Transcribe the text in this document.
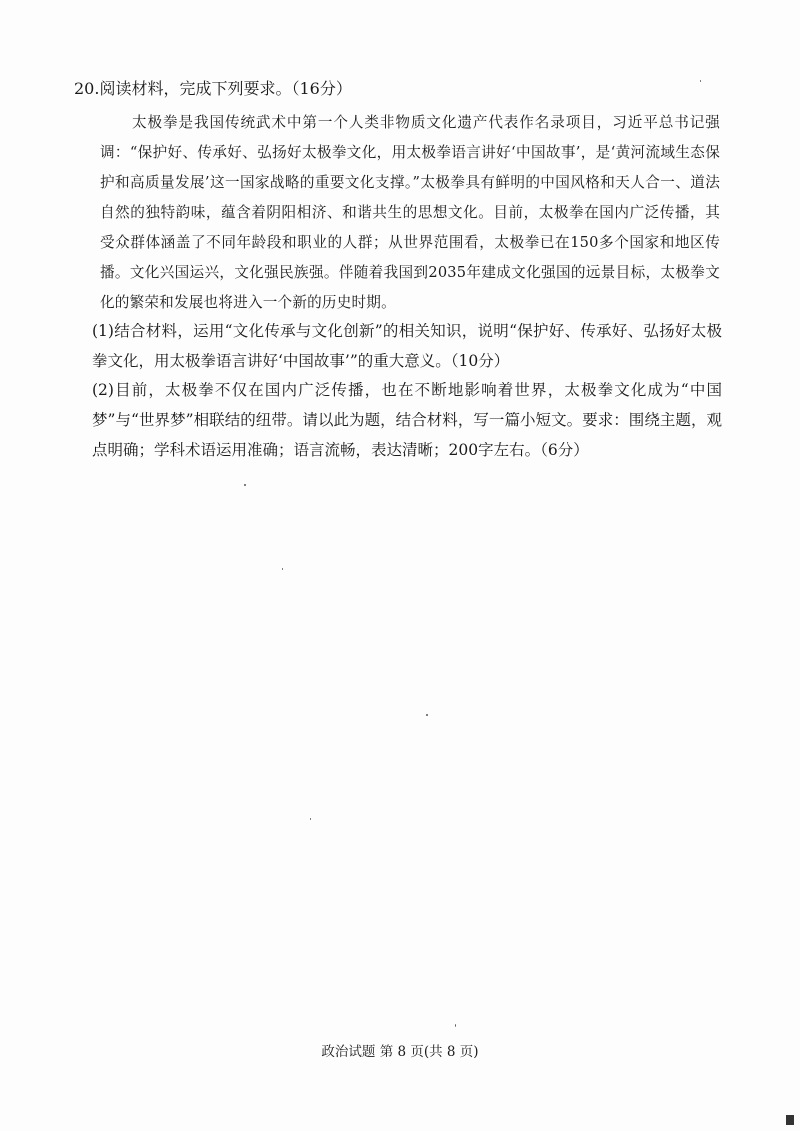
20.阅读材料，完成下列要求。（16分）
太极拳是我国传统武术中第一个人类非物质文化遗产代表作名录项目，习近平总书记强调：“保护好、传承好、弘扬好太极拳文化，用太极拳语言讲好‘中国故事’，是‘黄河流域生态保护和高质量发展’这一国家战略的重要文化支撑。”太极拳具有鲜明的中国风格和天人合一、道法自然的独特韵味，蕴含着阴阳相济、和谐共生的思想文化。目前，太极拳在国内广泛传播，其受众群体涵盖了不同年龄段和职业的人群；从世界范围看，太极拳已在150多个国家和地区传播。文化兴国运兴，文化强民族强。伴随着我国到2035年建成文化强国的远景目标，太极拳文化的繁荣和发展也将进入一个新的历史时期。
(1)结合材料，运用“文化传承与文化创新”的相关知识，说明“保护好、传承好、弘扬好太极拳文化，用太极拳语言讲好‘中国故事’”的重大意义。（10分）
(2)目前，太极拳不仅在国内广泛传播，也在不断地影响着世界，太极拳文化成为“中国梦”与“世界梦”相联结的纽带。请以此为题，结合材料，写一篇小短文。要求：围绕主题，观点明确；学科术语运用准确；语言流畅，表达清晰；200字左右。（6分）
政治试题 第 8 页(共 8 页)
